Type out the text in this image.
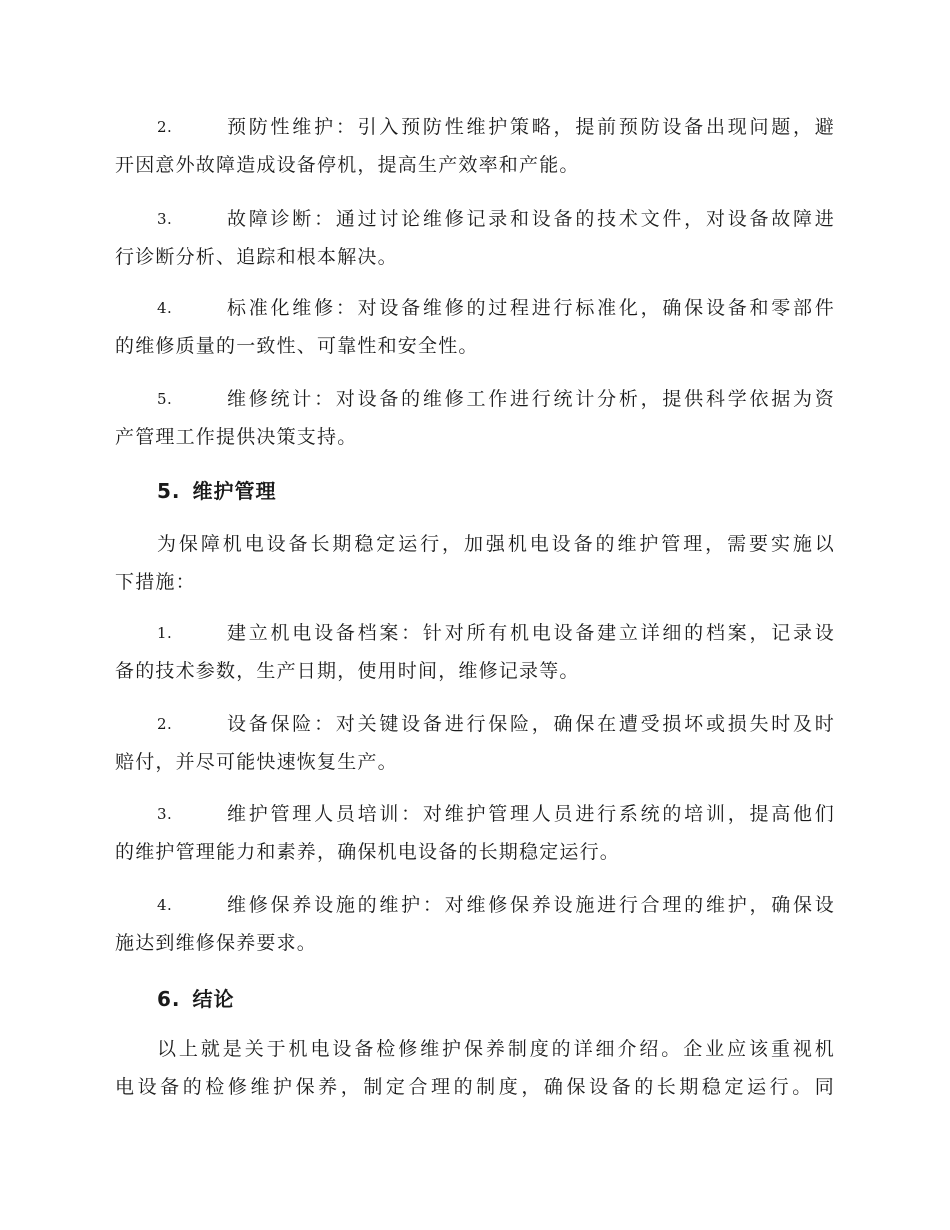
2.	预防性维护：引入预防性维护策略，提前预防设备出现问题，避
开因意外故障造成设备停机，提高生产效率和产能。
3.	故障诊断：通过讨论维修记录和设备的技术文件，对设备故障进
行诊断分析、追踪和根本解决。
4.	标准化维修：对设备维修的过程进行标准化，确保设备和零部件
的维修质量的一致性、可靠性和安全性。
5.	维修统计：对设备的维修工作进行统计分析，提供科学依据为资
产管理工作提供决策支持。
5. 维护管理
为保障机电设备长期稳定运行，加强机电设备的维护管理，需要实施以
下措施：
1.	建立机电设备档案：针对所有机电设备建立详细的档案，记录设
备的技术参数，生产日期，使用时间，维修记录等。
2.	设备保险：对关键设备进行保险，确保在遭受损坏或损失时及时
赔付，并尽可能快速恢复生产。
3.	维护管理人员培训：对维护管理人员进行系统的培训，提高他们
的维护管理能力和素养，确保机电设备的长期稳定运行。
4.	维修保养设施的维护：对维修保养设施进行合理的维护，确保设
施达到维修保养要求。
6. 结论
以上就是关于机电设备检修维护保养制度的详细介绍。企业应该重视机
电设备的检修维护保养，制定合理的制度，确保设备的长期稳定运行。同
